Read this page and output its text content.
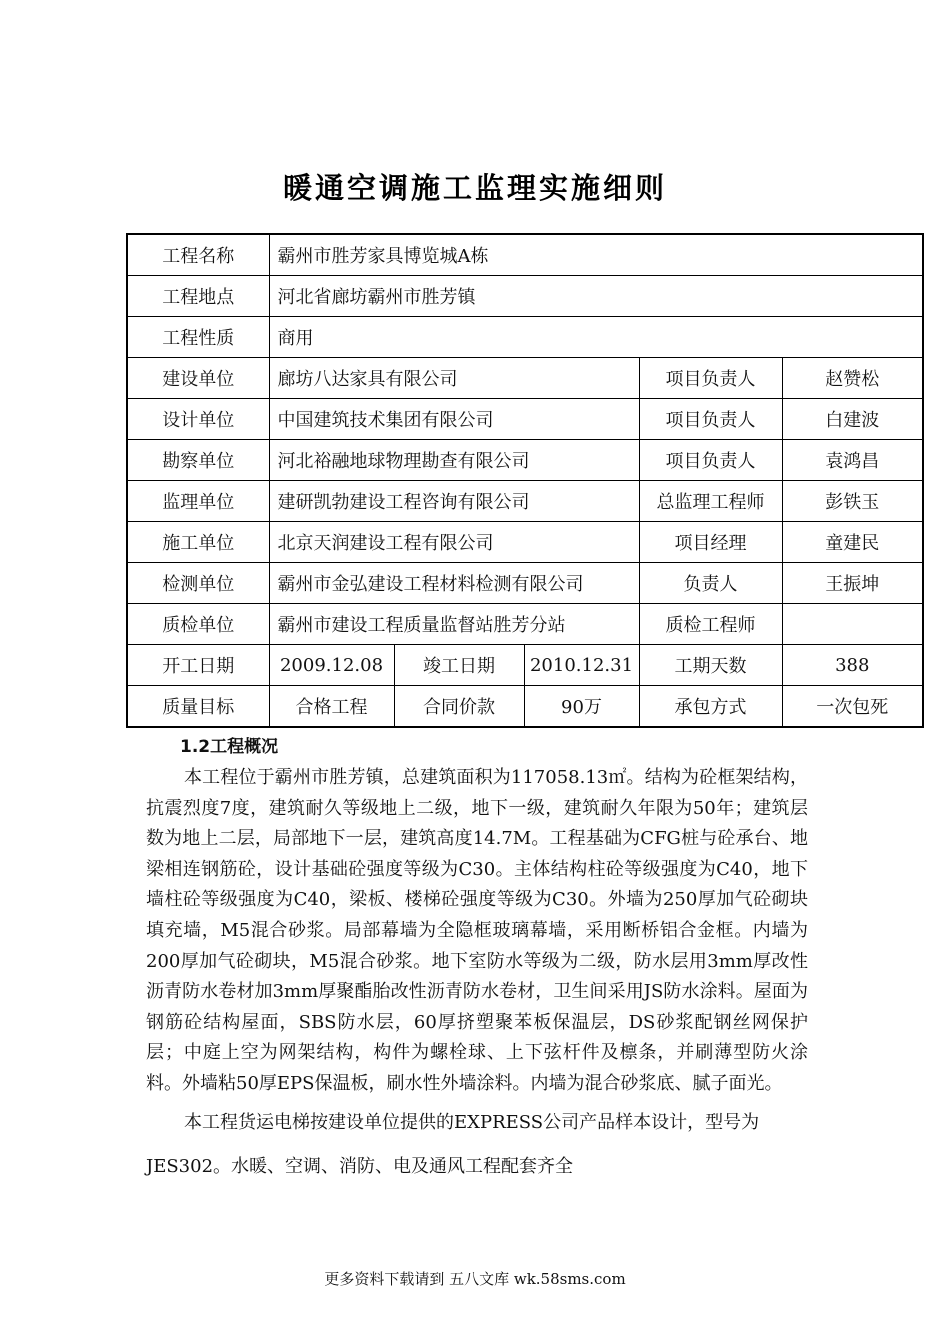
暖通空调施工监理实施细则
工程名称	霸州市胜芳家具博览城A栋				
工程地点	河北省廊坊霸州市胜芳镇				
工程性质	商用				
建设单位	廊坊八达家具有限公司			项目负责人	赵赞松
设计单位	中国建筑技术集团有限公司			项目负责人	白建波
勘察单位	河北裕融地球物理勘查有限公司			项目负责人	袁鸿昌
监理单位	建研凯勃建设工程咨询有限公司			总监理工程师	彭铁玉
施工单位	北京天润建设工程有限公司			项目经理	童建民
检测单位	霸州市金弘建设工程材料检测有限公司			负责人	王振坤
质检单位	霸州市建设工程质量监督站胜芳分站			质检工程师	
开工日期	2009.12.08	竣工日期	2010.12.31	工期天数	388
质量目标	合格工程	合同价款	90万	承包方式	一次包死
1.2工程概况

本工程位于霸州市胜芳镇，总建筑面积为117058.13㎡。结构为砼框架结构，抗震烈度7度，建筑耐久等级地上二级，地下一级，建筑耐久年限为50年；建筑层数为地上二层，局部地下一层，建筑高度14.7M。工程基础为CFG桩与砼承台、地梁相连钢筋砼，设计基础砼强度等级为C30。主体结构柱砼等级强度为C40，地下墙柱砼等级强度为C40，梁板、楼梯砼强度等级为C30。外墙为250厚加气砼砌块填充墙，M5混合砂浆。局部幕墙为全隐框玻璃幕墙，采用断桥铝合金框。内墙为200厚加气砼砌块，M5混合砂浆。地下室防水等级为二级，防水层用3mm厚改性沥青防水卷材加3mm厚聚酯胎改性沥青防水卷材，卫生间采用JS防水涂料。屋面为钢筋砼结构屋面，SBS防水层，60厚挤塑聚苯板保温层，DS砂浆配钢丝网保护层；中庭上空为网架结构，构件为螺栓球、上下弦杆件及檩条，并刷薄型防火涂料。外墙粘50厚EPS保温板，刷水性外墙涂料。内墙为混合砂浆底、腻子面光。

本工程货运电梯按建设单位提供的EXPRESS公司产品样本设计，型号为

JES302。水暖、空调、消防、电及通风工程配套齐全

更多资料下载请到 五八文库 wk.58sms.com
